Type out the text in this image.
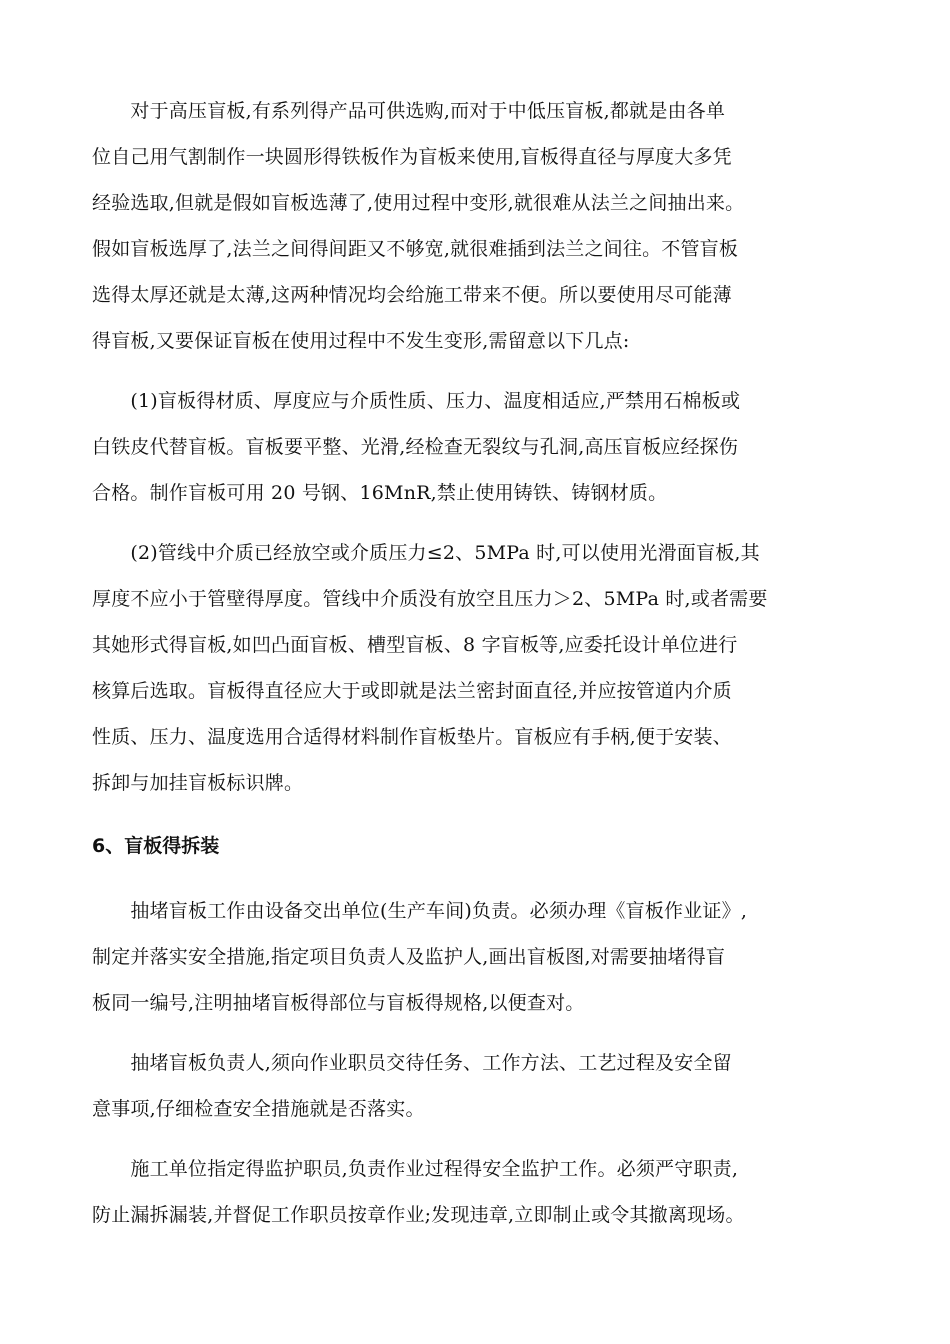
　　对于高压盲板,有系列得产品可供选购,而对于中低压盲板,都就是由各单
位自己用气割制作一块圆形得铁板作为盲板来使用,盲板得直径与厚度大多凭
经验选取,但就是假如盲板选薄了,使用过程中变形,就很难从法兰之间抽出来。
假如盲板选厚了,法兰之间得间距又不够宽,就很难插到法兰之间往。不管盲板
选得太厚还就是太薄,这两种情况均会给施工带来不便。所以要使用尽可能薄
得盲板,又要保证盲板在使用过程中不发生变形,需留意以下几点:
　　(1)盲板得材质、厚度应与介质性质、压力、温度相适应,严禁用石棉板或
白铁皮代替盲板。盲板要平整、光滑,经检查无裂纹与孔洞,高压盲板应经探伤
合格。制作盲板可用 20 号钢、16MnR,禁止使用铸铁、铸钢材质。
　　(2)管线中介质已经放空或介质压力≤2、5MPa 时,可以使用光滑面盲板,其
厚度不应小于管壁得厚度。管线中介质没有放空且压力＞2、5MPa 时,或者需要
其她形式得盲板,如凹凸面盲板、槽型盲板、8 字盲板等,应委托设计单位进行
核算后选取。盲板得直径应大于或即就是法兰密封面直径,并应按管道内介质
性质、压力、温度选用合适得材料制作盲板垫片。盲板应有手柄,便于安装、
拆卸与加挂盲板标识牌。
6、盲板得拆装
　　抽堵盲板工作由设备交出单位(生产车间)负责。必须办理《盲板作业证》,
制定并落实安全措施,指定项目负责人及监护人,画出盲板图,对需要抽堵得盲
板同一编号,注明抽堵盲板得部位与盲板得规格,以便查对。
　　抽堵盲板负责人,须向作业职员交待任务、工作方法、工艺过程及安全留
意事项,仔细检查安全措施就是否落实。
　　施工单位指定得监护职员,负责作业过程得安全监护工作。必须严守职责,
防止漏拆漏装,并督促工作职员按章作业;发现违章,立即制止或令其撤离现场。
